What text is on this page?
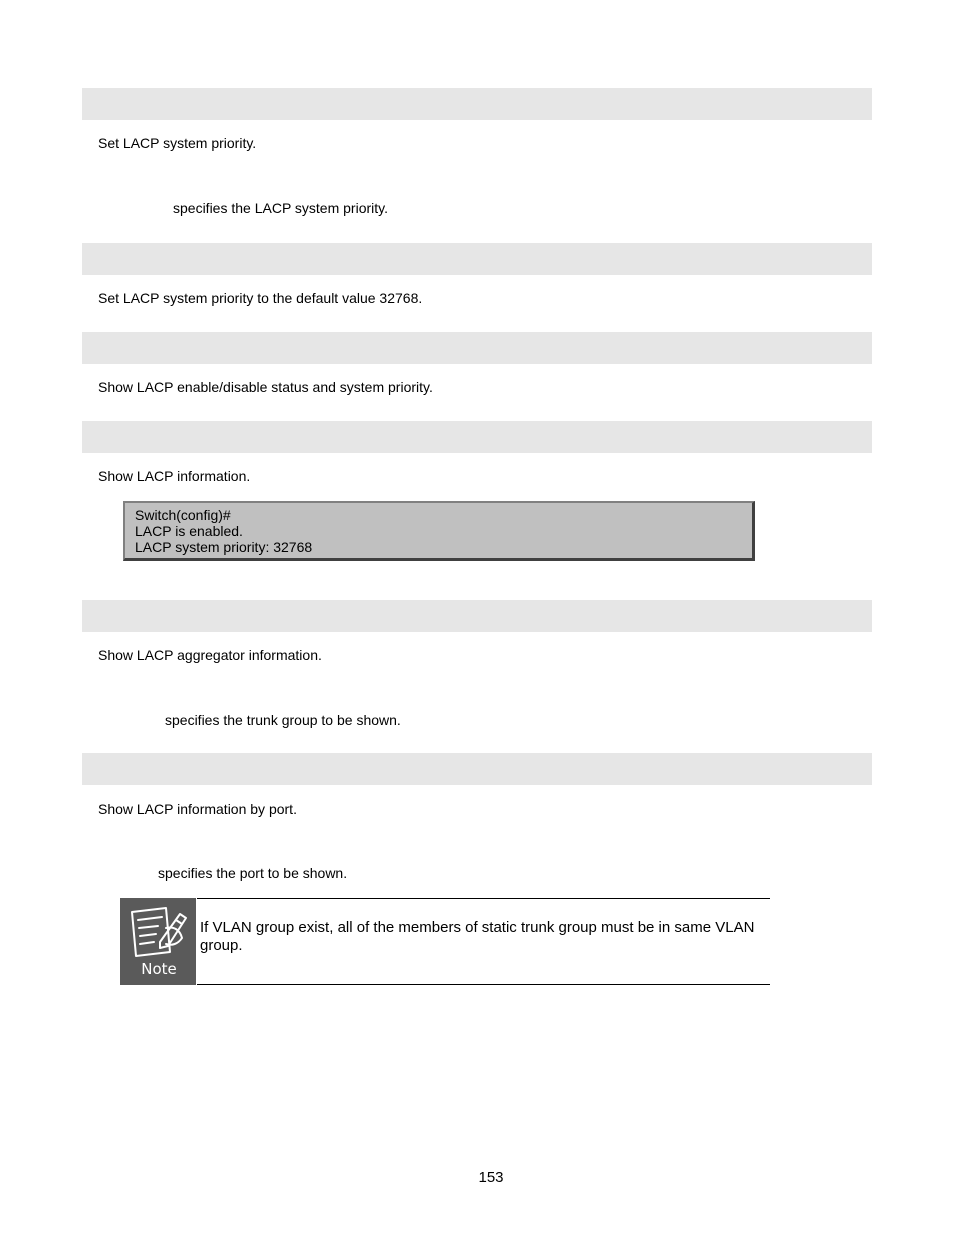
Set LACP system priority.
specifies the LACP system priority.
Set LACP system priority to the default value 32768.
Show LACP enable/disable status and system priority.
Show LACP information.
Switch(config)#
LACP is enabled.
LACP system priority: 32768
Show LACP aggregator information.
specifies the trunk group to be shown.
Show LACP information by port.
specifies the port to be shown.
Note
If VLAN group exist, all of the members of static trunk group must be in same VLAN group.
153
